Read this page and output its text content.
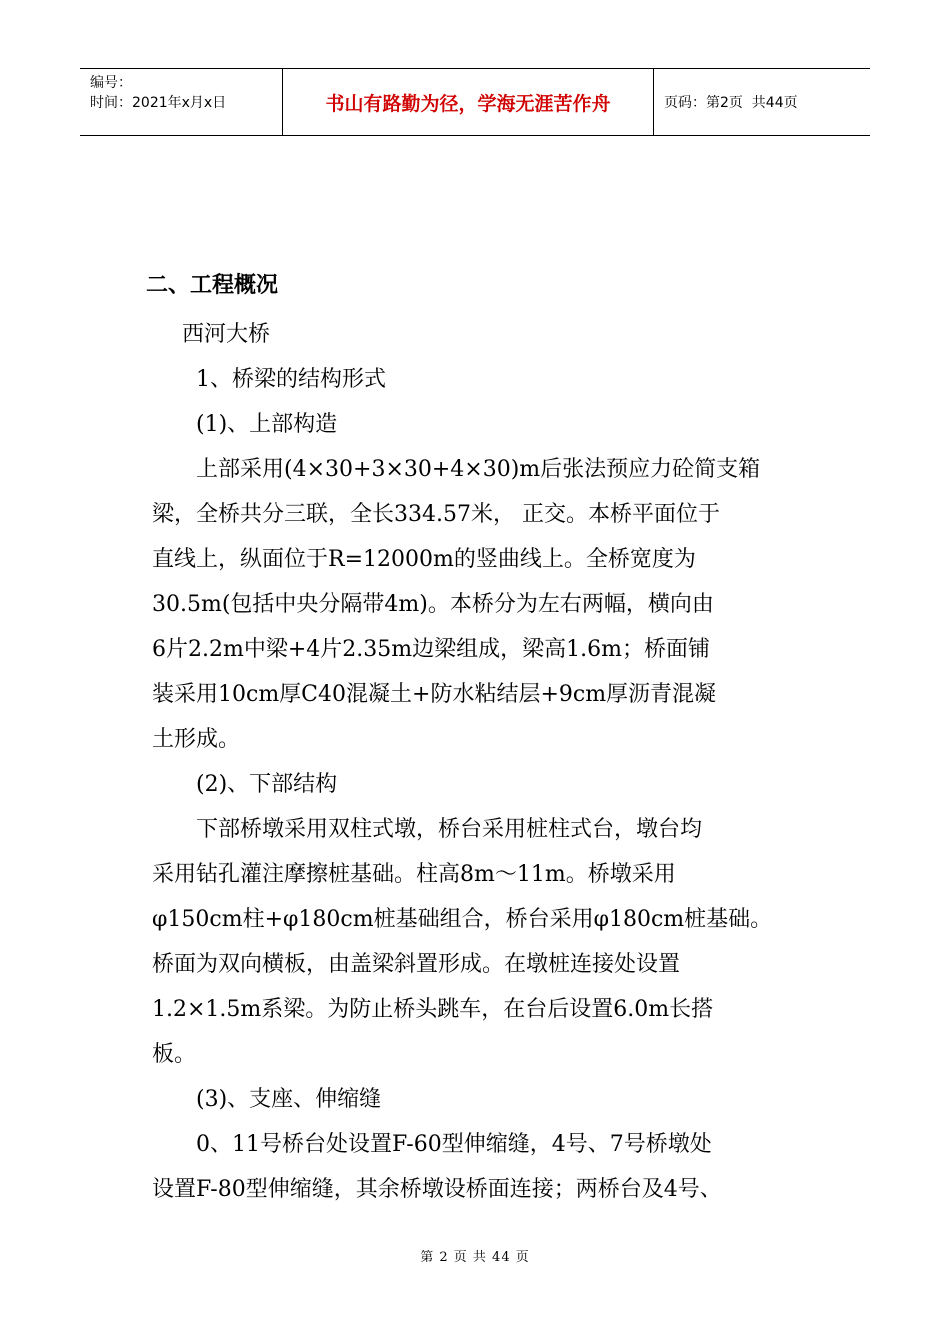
编号：
时间：2021年x月x日	书山有路勤为径，学海无涯苦作舟	页码：第2页  共44页
二、工程概况
西河大桥
1、桥梁的结构形式
(1)、上部构造
上部采用(4×30+3×30+4×30)m后张法预应力砼简支箱
梁，全桥共分三联，全长334.57米， 正交。本桥平面位于
直线上，纵面位于R=12000m的竖曲线上。全桥宽度为
30.5m(包括中央分隔带4m)。本桥分为左右两幅，横向由
6片2.2m中梁+4片2.35m边梁组成，梁高1.6m；桥面铺
装采用10cm厚C40混凝土+防水粘结层+9cm厚沥青混凝
土形成。
(2)、下部结构
下部桥墩采用双柱式墩，桥台采用桩柱式台，墩台均
采用钻孔灌注摩擦桩基础。柱高8m～11m。桥墩采用
φ150cm柱+φ180cm桩基础组合，桥台采用φ180cm桩基础。
桥面为双向横板，由盖梁斜置形成。在墩桩连接处设置
1.2×1.5m系梁。为防止桥头跳车，在台后设置6.0m长搭
板。
(3)、支座、伸缩缝
0、11号桥台处设置F-60型伸缩缝，4号、7号桥墩处
设置F-80型伸缩缝，其余桥墩设桥面连接；两桥台及4号、
第 2 页 共 44 页
